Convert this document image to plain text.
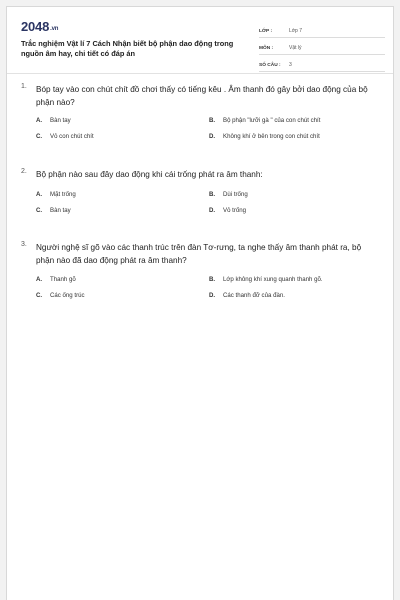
2048.vn
Trắc nghiệm Vật lí 7 Cách Nhận biết bộ phận dao động trong nguồn âm hay, chi tiết có đáp án
LỚP :	Lớp 7
MÔN :	Vật lý
SỐ CÂU :	3
1.	Bóp tay vào con chút chít đồ chơi thấy có tiếng kêu . Âm thanh đó gây bởi dao động của bộ phận nào?
A.	Bàn tay	B.	Bộ phận "lưỡi gà " của con chút chít
C.	Vỏ con chút chít	D.	Không khí ở bên trong con chút chít
2.	Bộ phận nào sau đây dao động khi cái trống phát ra âm thanh:
A.	Mặt trống	B.	Dùi trống
C.	Bàn tay	D.	Vỏ trống
3.	Người nghệ sĩ gõ vào các thanh trúc trên đàn Tơ-rưng, ta nghe thấy âm thanh phát ra, bộ phận nào đã dao động phát ra âm thanh?
A.	Thanh gõ	B.	Lớp không khí xung quanh thanh gõ.
C.	Các ống trúc	D.	Các thanh đỡ của đàn.
